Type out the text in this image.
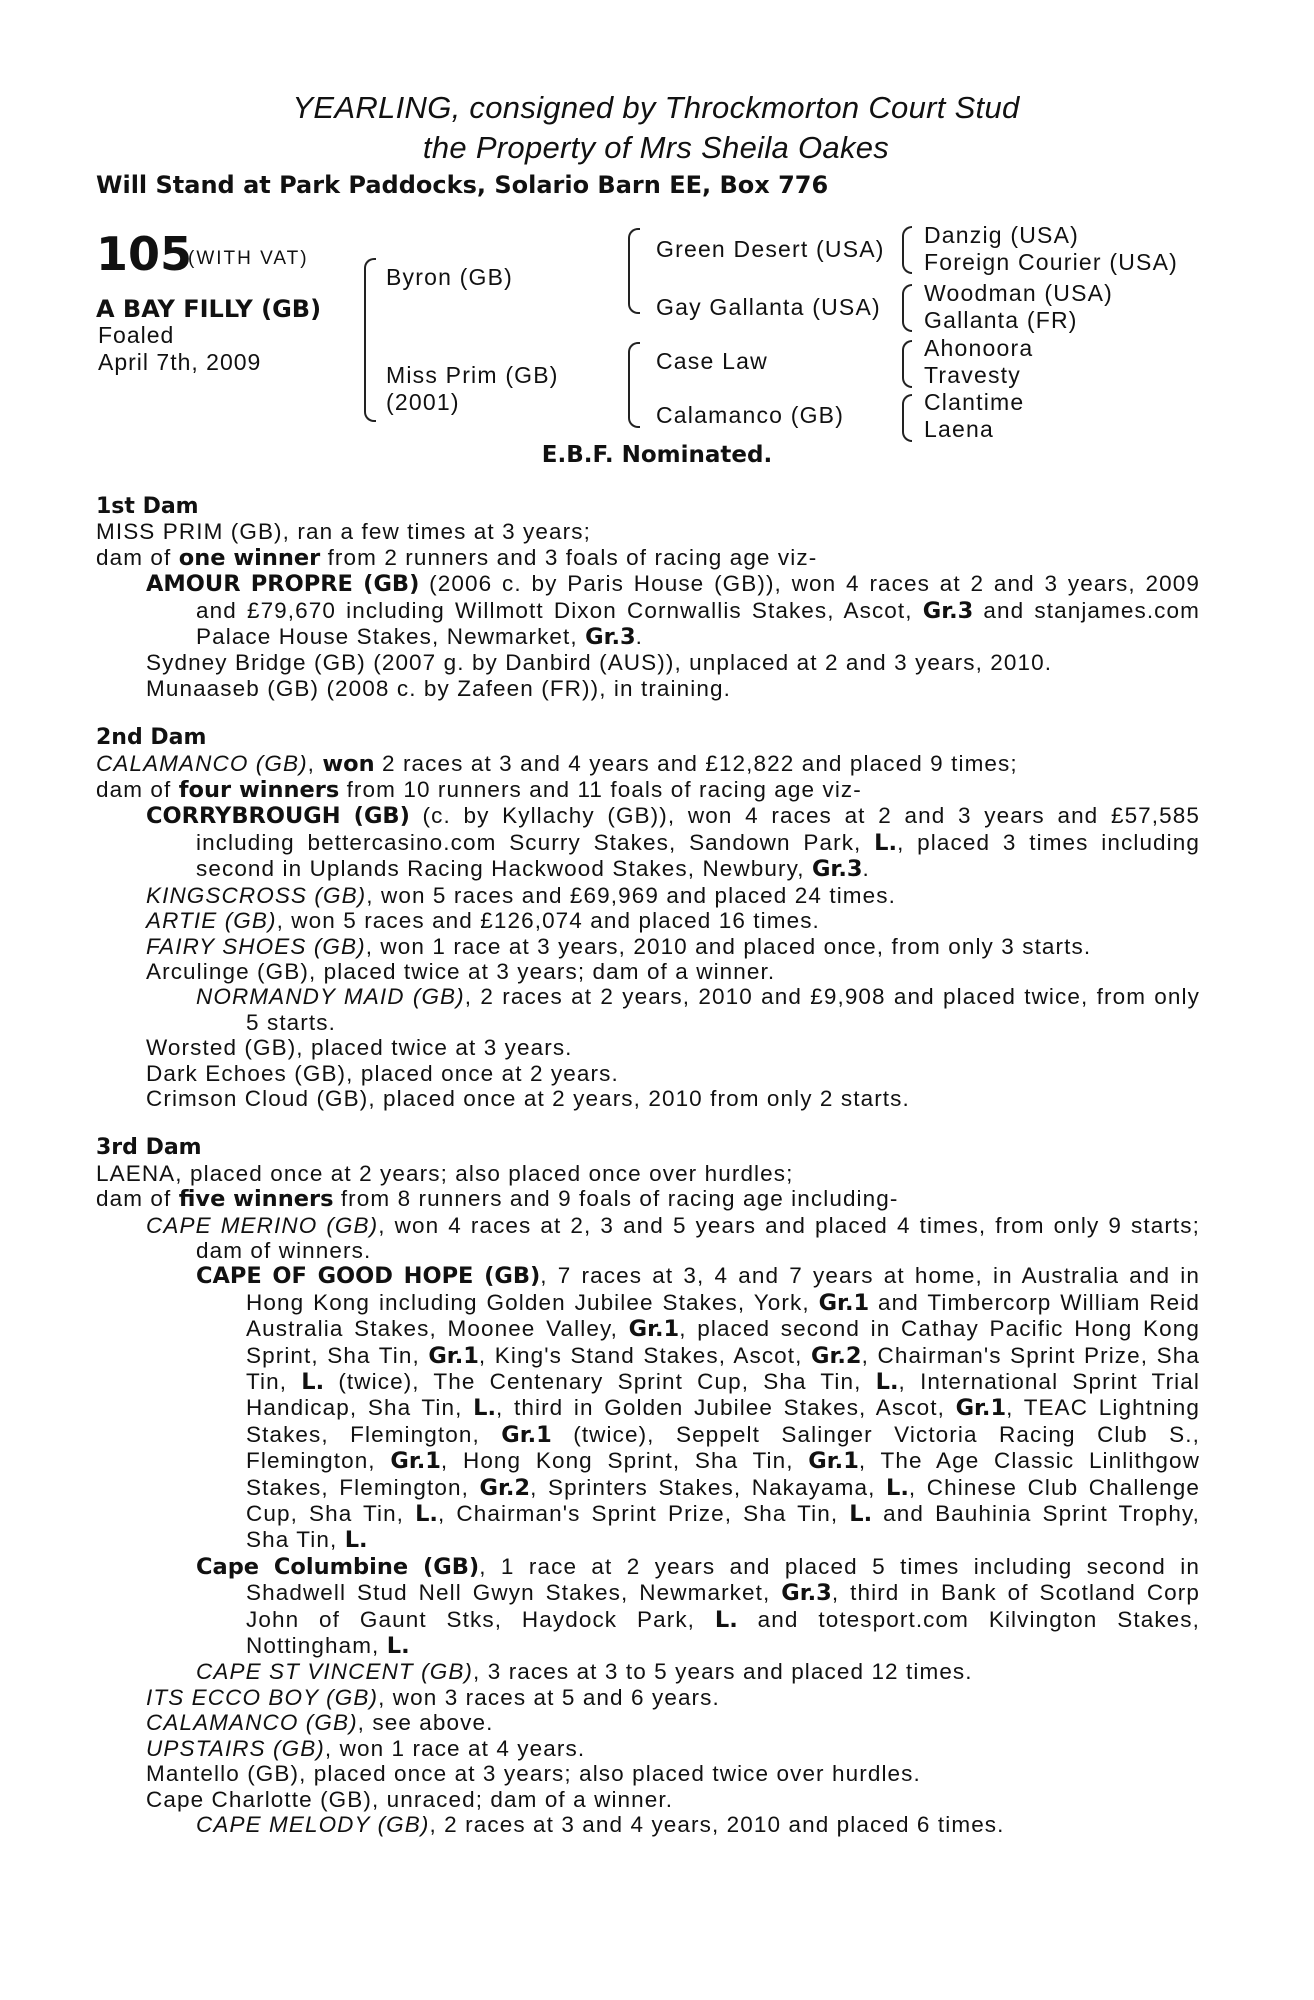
YEARLING, consigned by Throckmorton Court Stud
the Property of Mrs Sheila Oakes
Will Stand at Park Paddocks, Solario Barn EE, Box 776
105
(WITH VAT)
A BAY FILLY (GB)
Foaled
April 7th, 2009
Byron (GB)
Miss Prim (GB)
(2001)
Green Desert (USA)
Gay Gallanta (USA)
Case Law
Calamanco (GB)
Danzig (USA)
Foreign Courier (USA)
Woodman (USA)
Gallanta (FR)
Ahonoora
Travesty
Clantime
Laena
E.B.F. Nominated.
1st Dam
MISS PRIM (GB), ran a few times at 3 years;
dam of one winner from 2 runners and 3 foals of racing age viz-
AMOUR PROPRE (GB) (2006 c. by Paris House (GB)), won 4 races at 2 and 3 years, 2009 and £79,670 including Willmott Dixon Cornwallis Stakes, Ascot, Gr.3 and stanjames.com Palace House Stakes, Newmarket, Gr.3.
Sydney Bridge (GB) (2007 g. by Danbird (AUS)), unplaced at 2 and 3 years, 2010.
Munaaseb (GB) (2008 c. by Zafeen (FR)), in training.
2nd Dam
CALAMANCO (GB), won 2 races at 3 and 4 years and £12,822 and placed 9 times;
dam of four winners from 10 runners and 11 foals of racing age viz-
CORRYBROUGH (GB) (c. by Kyllachy (GB)), won 4 races at 2 and 3 years and £57,585 including bettercasino.com Scurry Stakes, Sandown Park, L., placed 3 times including second in Uplands Racing Hackwood Stakes, Newbury, Gr.3.
KINGSCROSS (GB), won 5 races and £69,969 and placed 24 times.
ARTIE (GB), won 5 races and £126,074 and placed 16 times.
FAIRY SHOES (GB), won 1 race at 3 years, 2010 and placed once, from only 3 starts.
Arculinge (GB), placed twice at 3 years; dam of a winner.
NORMANDY MAID (GB), 2 races at 2 years, 2010 and £9,908 and placed twice, from only 5 starts.
Worsted (GB), placed twice at 3 years.
Dark Echoes (GB), placed once at 2 years.
Crimson Cloud (GB), placed once at 2 years, 2010 from only 2 starts.
3rd Dam
LAENA, placed once at 2 years; also placed once over hurdles;
dam of five winners from 8 runners and 9 foals of racing age including-
CAPE MERINO (GB), won 4 races at 2, 3 and 5 years and placed 4 times, from only 9 starts; dam of winners.
CAPE OF GOOD HOPE (GB), 7 races at 3, 4 and 7 years at home, in Australia and in Hong Kong including Golden Jubilee Stakes, York, Gr.1 and Timbercorp William Reid Australia Stakes, Moonee Valley, Gr.1, placed second in Cathay Pacific Hong Kong Sprint, Sha Tin, Gr.1, King's Stand Stakes, Ascot, Gr.2, Chairman's Sprint Prize, Sha Tin, L. (twice), The Centenary Sprint Cup, Sha Tin, L., International Sprint Trial Handicap, Sha Tin, L., third in Golden Jubilee Stakes, Ascot, Gr.1, TEAC Lightning Stakes, Flemington, Gr.1 (twice), Seppelt Salinger Victoria Racing Club S., Flemington, Gr.1, Hong Kong Sprint, Sha Tin, Gr.1, The Age Classic Linlithgow Stakes, Flemington, Gr.2, Sprinters Stakes, Nakayama, L., Chinese Club Challenge Cup, Sha Tin, L., Chairman's Sprint Prize, Sha Tin, L. and Bauhinia Sprint Trophy, Sha Tin, L.
Cape Columbine (GB), 1 race at 2 years and placed 5 times including second in Shadwell Stud Nell Gwyn Stakes, Newmarket, Gr.3, third in Bank of Scotland Corp John of Gaunt Stks, Haydock Park, L. and totesport.com Kilvington Stakes, Nottingham, L.
CAPE ST VINCENT (GB), 3 races at 3 to 5 years and placed 12 times.
ITS ECCO BOY (GB), won 3 races at 5 and 6 years.
CALAMANCO (GB), see above.
UPSTAIRS (GB), won 1 race at 4 years.
Mantello (GB), placed once at 3 years; also placed twice over hurdles.
Cape Charlotte (GB), unraced; dam of a winner.
CAPE MELODY (GB), 2 races at 3 and 4 years, 2010 and placed 6 times.
